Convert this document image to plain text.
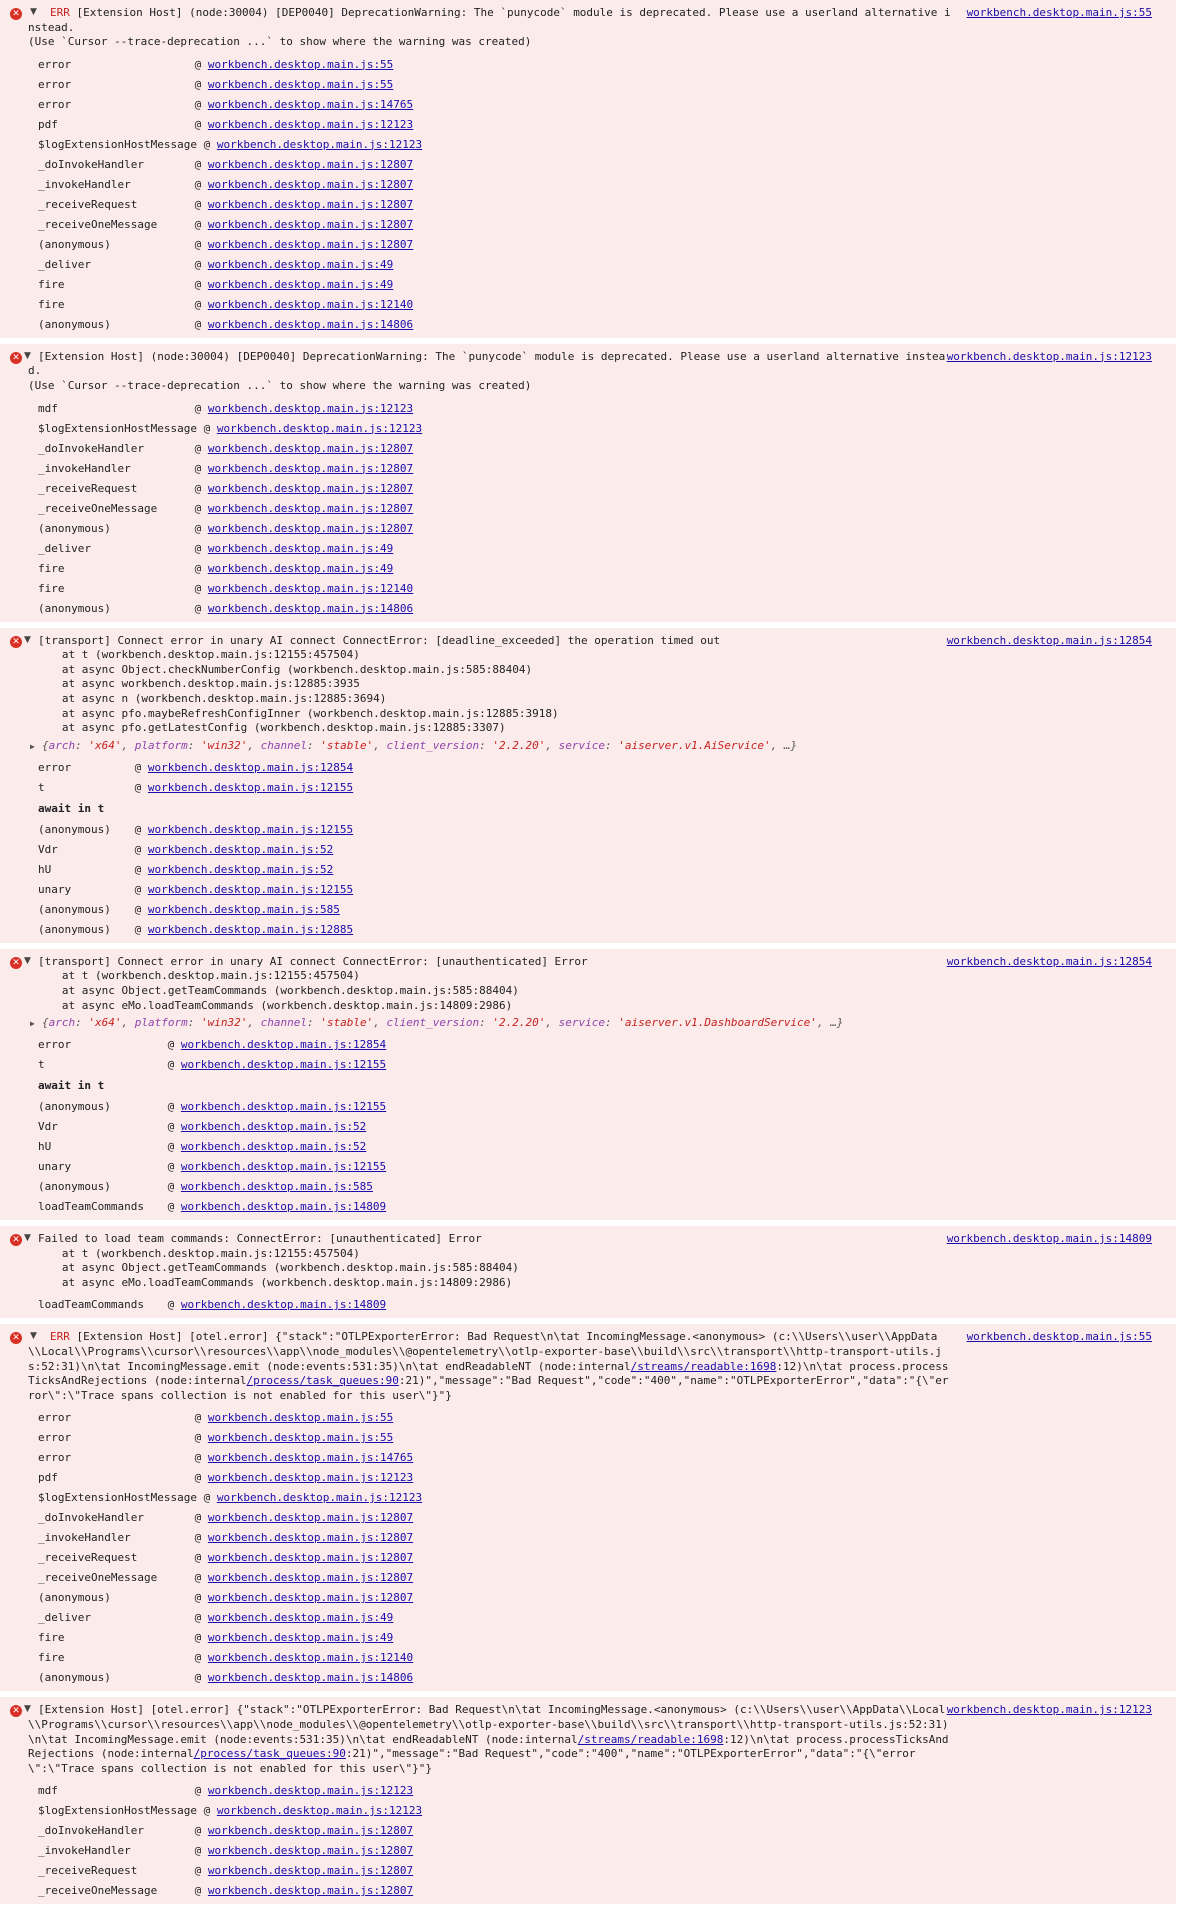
✕ ▼	workbench.desktop.main.js:55
ERR [Extension Host] (node:30004) [DEP0040] DeprecationWarning: The `punycode` module is deprecated. Please use a userland alternative instead.
(Use `Cursor --trace-deprecation ...` to show where the warning was created)
error	@ workbench.desktop.main.js:55
error	@ workbench.desktop.main.js:55
error	@ workbench.desktop.main.js:14765
pdf	@ workbench.desktop.main.js:12123
$logExtensionHostMessage @ workbench.desktop.main.js:12123
_doInvokeHandler	@ workbench.desktop.main.js:12807
_invokeHandler	@ workbench.desktop.main.js:12807
_receiveRequest	@ workbench.desktop.main.js:12807
_receiveOneMessage	@ workbench.desktop.main.js:12807
(anonymous)	@ workbench.desktop.main.js:12807
_deliver	@ workbench.desktop.main.js:49
fire	@ workbench.desktop.main.js:49
fire	@ workbench.desktop.main.js:12140
(anonymous)	@ workbench.desktop.main.js:14806
✕ ▼	workbench.desktop.main.js:12123
[Extension Host] (node:30004) [DEP0040] DeprecationWarning: The `punycode` module is deprecated. Please use a userland alternative instead.
(Use `Cursor --trace-deprecation ...` to show where the warning was created)
mdf	@ workbench.desktop.main.js:12123
$logExtensionHostMessage @ workbench.desktop.main.js:12123
_doInvokeHandler	@ workbench.desktop.main.js:12807
_invokeHandler	@ workbench.desktop.main.js:12807
_receiveRequest	@ workbench.desktop.main.js:12807
_receiveOneMessage	@ workbench.desktop.main.js:12807
(anonymous)	@ workbench.desktop.main.js:12807
_deliver	@ workbench.desktop.main.js:49
fire	@ workbench.desktop.main.js:49
fire	@ workbench.desktop.main.js:12140
(anonymous)	@ workbench.desktop.main.js:14806
✕ ▼	workbench.desktop.main.js:12854
[transport] Connect error in unary AI connect ConnectError: [deadline_exceeded] the operation timed out
at t (workbench.desktop.main.js:12155:457504)
at async Object.checkNumberConfig (workbench.desktop.main.js:585:88404)
at async workbench.desktop.main.js:12885:3935
at async n (workbench.desktop.main.js:12885:3694)
at async pfo.maybeRefreshConfigInner (workbench.desktop.main.js:12885:3918)
at async pfo.getLatestConfig (workbench.desktop.main.js:12885:3307)
▶ {arch: 'x64', platform: 'win32', channel: 'stable', client_version: '2.2.20', service: 'aiserver.v1.AiService', …}
error	@ workbench.desktop.main.js:12854
t	@ workbench.desktop.main.js:12155
await in t
(anonymous)	@ workbench.desktop.main.js:12155
Vdr	@ workbench.desktop.main.js:52
hU	@ workbench.desktop.main.js:52
unary	@ workbench.desktop.main.js:12155
(anonymous)	@ workbench.desktop.main.js:585
(anonymous)	@ workbench.desktop.main.js:12885
✕ ▼	workbench.desktop.main.js:12854
[transport] Connect error in unary AI connect ConnectError: [unauthenticated] Error
at t (workbench.desktop.main.js:12155:457504)
at async Object.getTeamCommands (workbench.desktop.main.js:585:88404)
at async eMo.loadTeamCommands (workbench.desktop.main.js:14809:2986)
▶ {arch: 'x64', platform: 'win32', channel: 'stable', client_version: '2.2.20', service: 'aiserver.v1.DashboardService', …}
error	@ workbench.desktop.main.js:12854
t	@ workbench.desktop.main.js:12155
await in t
(anonymous)	@ workbench.desktop.main.js:12155
Vdr	@ workbench.desktop.main.js:52
hU	@ workbench.desktop.main.js:52
unary	@ workbench.desktop.main.js:12155
(anonymous)	@ workbench.desktop.main.js:585
loadTeamCommands	@ workbench.desktop.main.js:14809
✕ ▼	workbench.desktop.main.js:14809
Failed to load team commands: ConnectError: [unauthenticated] Error
at t (workbench.desktop.main.js:12155:457504)
at async Object.getTeamCommands (workbench.desktop.main.js:585:88404)
at async eMo.loadTeamCommands (workbench.desktop.main.js:14809:2986)
loadTeamCommands	@ workbench.desktop.main.js:14809
✕ ▼	workbench.desktop.main.js:55
ERR [Extension Host] [otel.error] {"stack":"OTLPExporterError: Bad Request\n\tat IncomingMessage.<anonymous> (c:\\Users\\user\\AppData\\Local\\Programs\\cursor\\resources\\app\\node_modules\\@opentelemetry\\otlp-exporter-base\\build\\src\\transport\\http-transport-utils.js:52:31)\n\tat IncomingMessage.emit (node:events:531:35)\n\tat endReadableNT (node:internal/streams/readable:1698:12)\n\tat process.processTicksAndRejections (node:internal/process/task_queues:90:21)","message":"Bad Request","code":"400","name":"OTLPExporterError","data":"{\"error\":\"Trace spans collection is not enabled for this user\"}"}
error	@ workbench.desktop.main.js:55
error	@ workbench.desktop.main.js:55
error	@ workbench.desktop.main.js:14765
pdf	@ workbench.desktop.main.js:12123
$logExtensionHostMessage @ workbench.desktop.main.js:12123
_doInvokeHandler	@ workbench.desktop.main.js:12807
_invokeHandler	@ workbench.desktop.main.js:12807
_receiveRequest	@ workbench.desktop.main.js:12807
_receiveOneMessage	@ workbench.desktop.main.js:12807
(anonymous)	@ workbench.desktop.main.js:12807
_deliver	@ workbench.desktop.main.js:49
fire	@ workbench.desktop.main.js:49
fire	@ workbench.desktop.main.js:12140
(anonymous)	@ workbench.desktop.main.js:14806
✕ ▼	workbench.desktop.main.js:12123
[Extension Host] [otel.error] {"stack":"OTLPExporterError: Bad Request\n\tat IncomingMessage.<anonymous> (c:\\Users\\user\\AppData\\Local\\Programs\\cursor\\resources\\app\\node_modules\\@opentelemetry\\otlp-exporter-base\\build\\src\\transport\\http-transport-utils.js:52:31)\n\tat IncomingMessage.emit (node:events:531:35)\n\tat endReadableNT (node:internal/streams/readable:1698:12)\n\tat process.processTicksAndRejections (node:internal/process/task_queues:90:21)","message":"Bad Request","code":"400","name":"OTLPExporterError","data":"{\"error\":\"Trace spans collection is not enabled for this user\"}"}
mdf	@ workbench.desktop.main.js:12123
$logExtensionHostMessage @ workbench.desktop.main.js:12123
_doInvokeHandler	@ workbench.desktop.main.js:12807
_invokeHandler	@ workbench.desktop.main.js:12807
_receiveRequest	@ workbench.desktop.main.js:12807
_receiveOneMessage	@ workbench.desktop.main.js:12807
